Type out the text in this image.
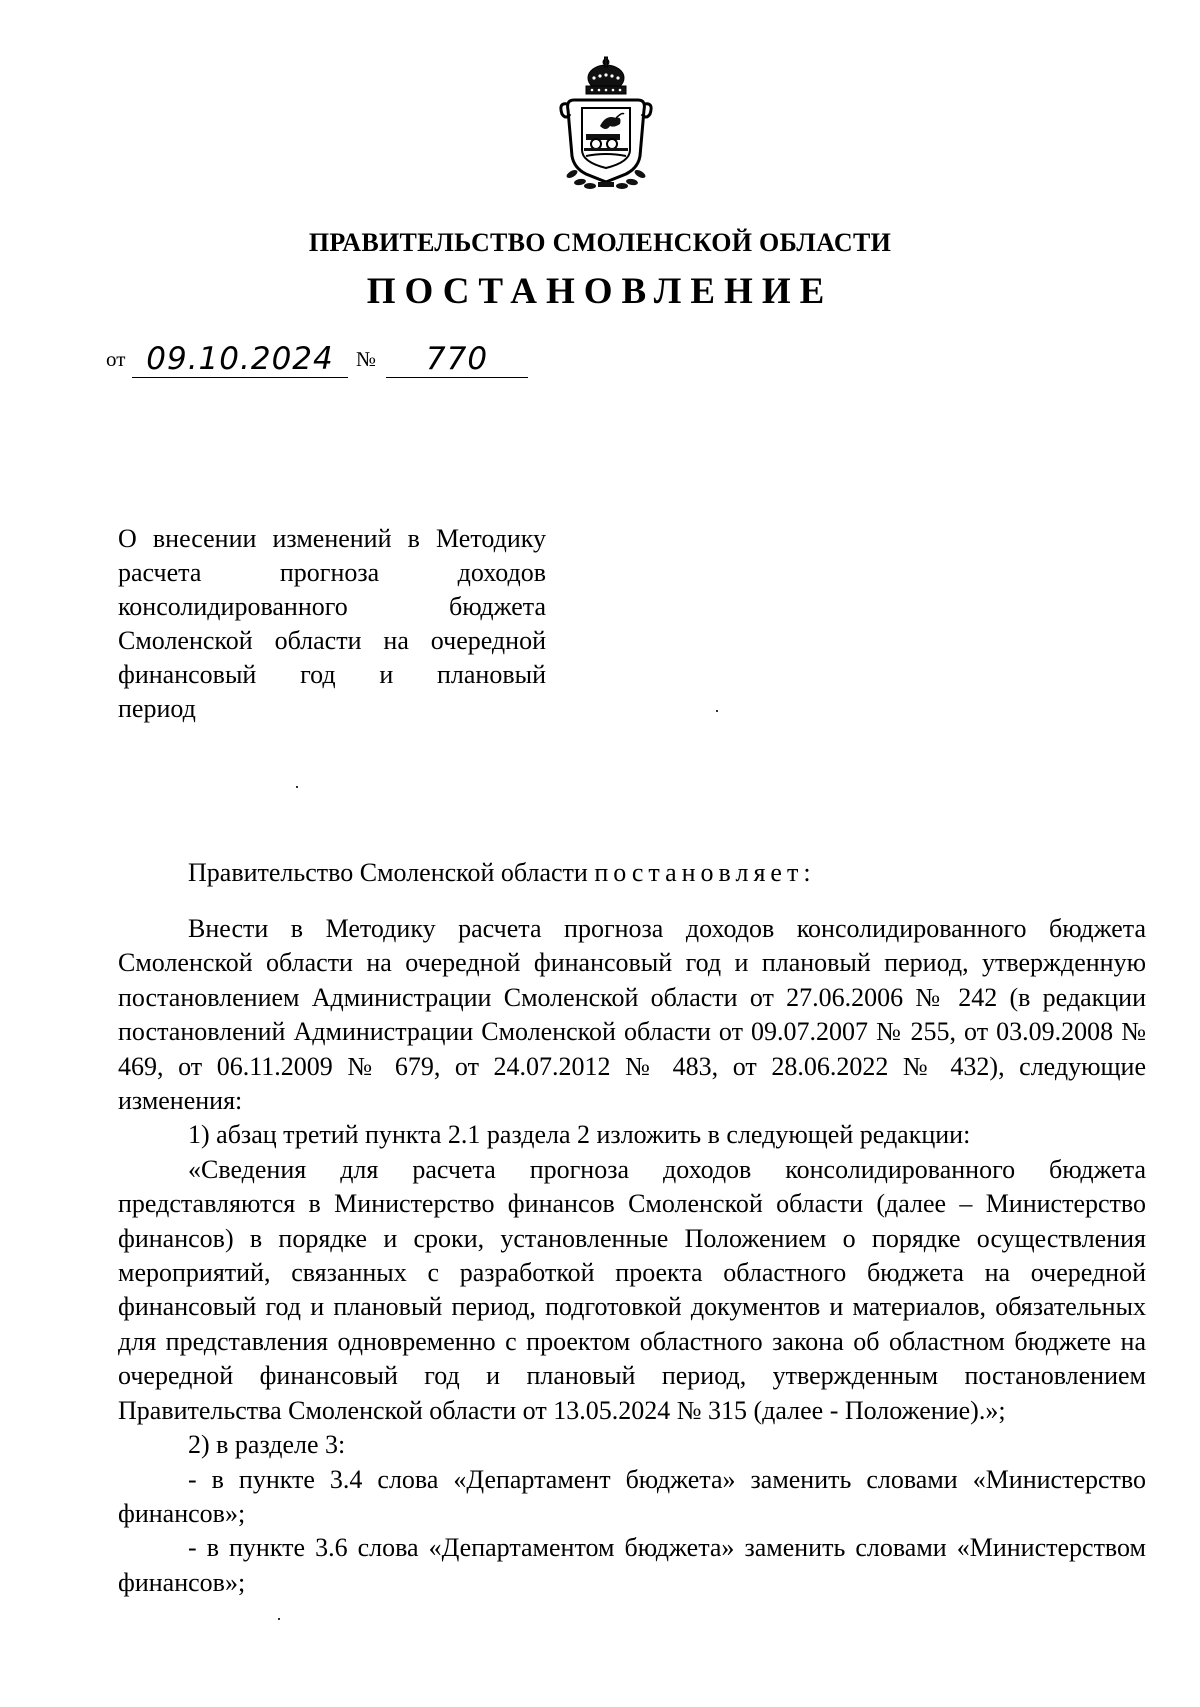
ПРАВИТЕЛЬСТВО СМОЛЕНСКОЙ ОБЛАСТИ
ПОСТАНОВЛЕНИЕ
от 09.10.2024	№	770
О внесении изменений в Методику
расчета прогноза доходов
консолидированного бюджета
Смоленской области на очередной
финансовый год и плановый
период
Правительство Смоленской области постановляет:

Внести в Методику расчета прогноза доходов консолидированного бюджета Смоленской области на очередной финансовый год и плановый период, утвержденную постановлением Администрации Смоленской области от 27.06.2006 № 242 (в редакции постановлений Администрации Смоленской области от 09.07.2007 № 255, от 03.09.2008 № 469, от 06.11.2009 № 679, от 24.07.2012 № 483, от 28.06.2022 № 432), следующие изменения:

1) абзац третий пункта 2.1 раздела 2 изложить в следующей редакции:

«Сведения для расчета прогноза доходов консолидированного бюджета представляются в Министерство финансов Смоленской области (далее – Министерство финансов) в порядке и сроки, установленные Положением о порядке осуществления мероприятий, связанных с разработкой проекта областного бюджета на очередной финансовый год и плановый период, подготовкой документов и материалов, обязательных для представления одновременно с проектом областного закона об областном бюджете на очередной финансовый год и плановый период, утвержденным постановлением Правительства Смоленской области от 13.05.2024 № 315 (далее - Положение).»;

2) в разделе 3:

- в пункте 3.4 слова «Департамент бюджета» заменить словами «Министерство финансов»;

- в пункте 3.6 слова «Департаментом бюджета» заменить словами «Министерством финансов»;
